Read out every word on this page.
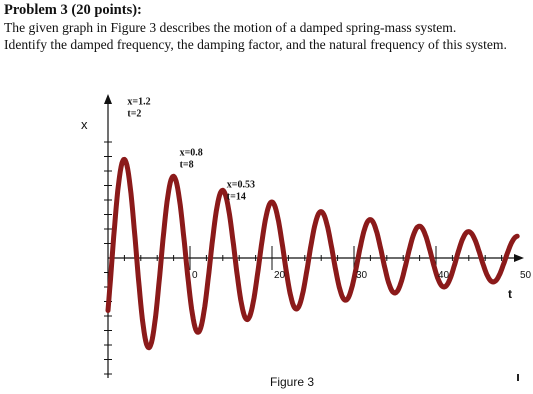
Problem 3 (20 points):
The given graph in Figure 3 describes the motion of a damped spring-mass system.
Identify the damped frequency, the damping factor, and the natural frequency of this system.
x
t
0	20	30	40	50
x=1.2
t=2
x=0.8
t=8
x=0.53
t=14
Figure 3
